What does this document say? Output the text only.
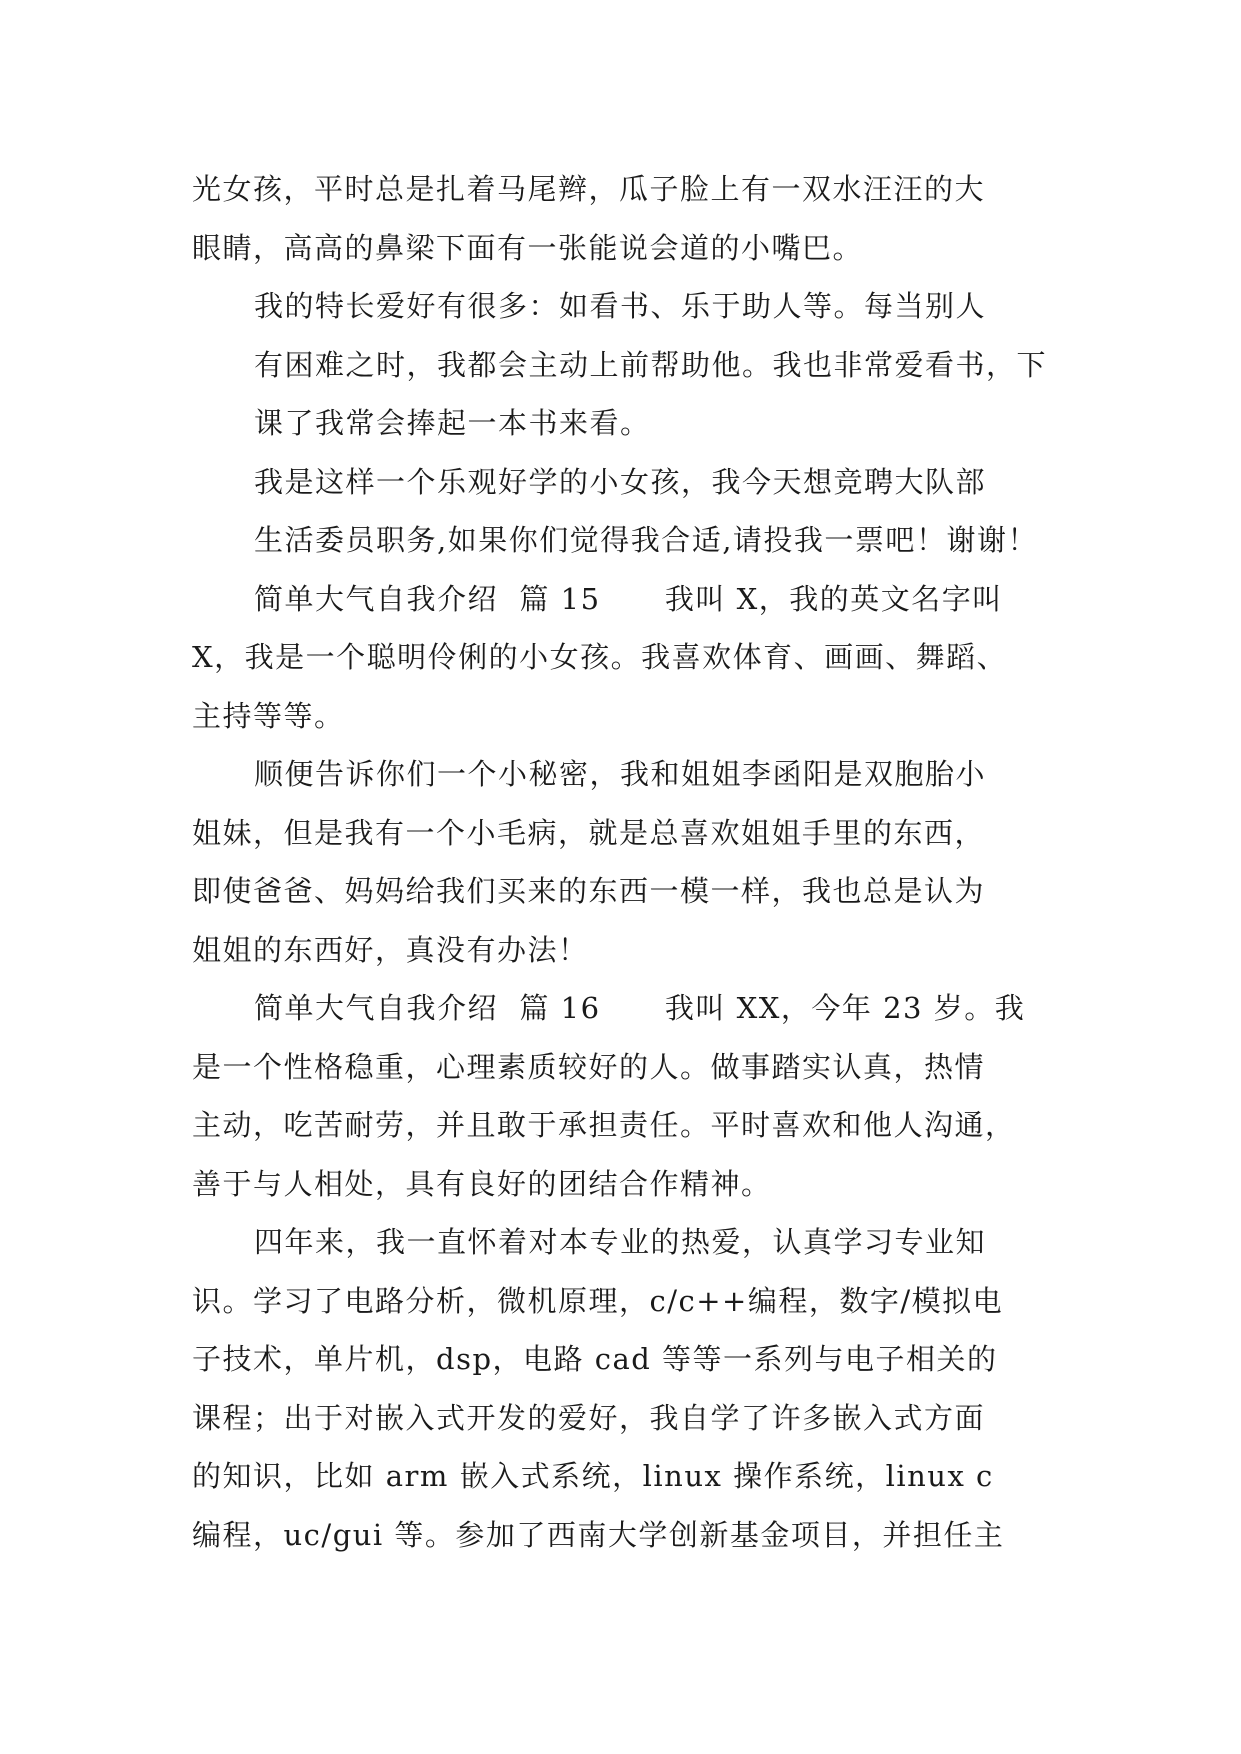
光女孩，平时总是扎着马尾辫，瓜子脸上有一双水汪汪的大
眼睛，高高的鼻梁下面有一张能说会道的小嘴巴。

我的特长爱好有很多：如看书、乐于助人等。每当别人
有困难之时，我都会主动上前帮助他。我也非常爱看书，下
课了我常会捧起一本书来看。

我是这样一个乐观好学的小女孩，我今天想竞聘大队部
生活委员职务,如果你们觉得我合适,请投我一票吧！谢谢！

简单大气自我介绍  篇 15      我叫 X，我的英文名字叫
X，我是一个聪明伶俐的小女孩。我喜欢体育、画画、舞蹈、
主持等等。

顺便告诉你们一个小秘密，我和姐姐李函阳是双胞胎小
姐妹，但是我有一个小毛病，就是总喜欢姐姐手里的东西，
即使爸爸、妈妈给我们买来的东西一模一样，我也总是认为
姐姐的东西好，真没有办法！

简单大气自我介绍  篇 16      我叫 XX，今年 23 岁。我
是一个性格稳重，心理素质较好的人。做事踏实认真，热情
主动，吃苦耐劳，并且敢于承担责任。平时喜欢和他人沟通，
善于与人相处，具有良好的团结合作精神。

四年来，我一直怀着对本专业的热爱，认真学习专业知
识。学习了电路分析，微机原理，c/c++编程，数字/模拟电
子技术，单片机，dsp，电路 cad 等等一系列与电子相关的
课程；出于对嵌入式开发的爱好，我自学了许多嵌入式方面
的知识，比如 arm 嵌入式系统，linux 操作系统，linux c
编程，uc/gui 等。参加了西南大学创新基金项目，并担任主
